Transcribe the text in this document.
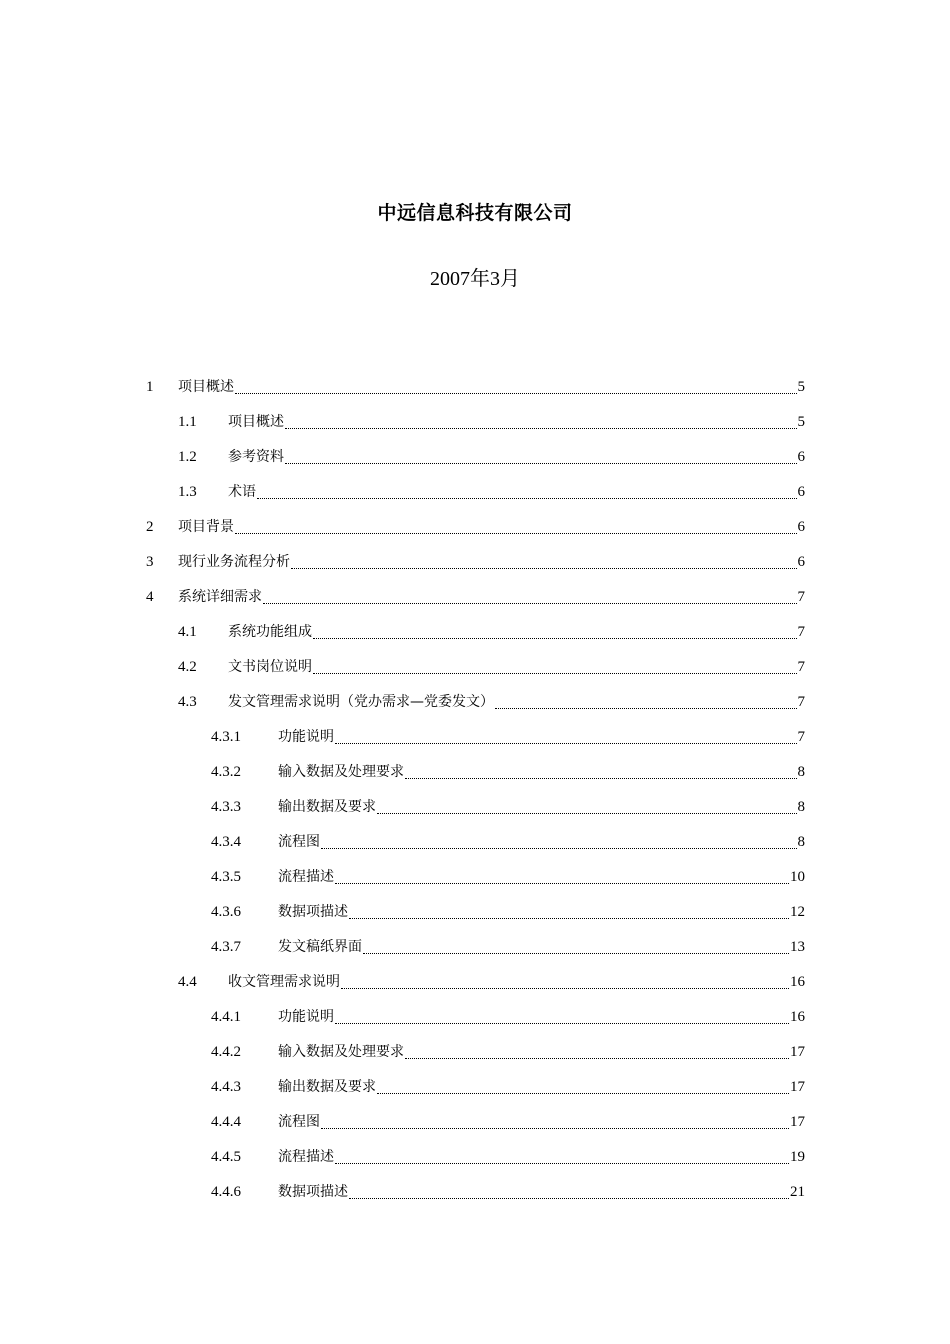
中远信息科技有限公司
2007年3月
1	项目概述	5
1.1	项目概述	5
1.2	参考资料	6
1.3	术语	6
2	项目背景	6
3	现行业务流程分析	6
4	系统详细需求	7
4.1	系统功能组成	7
4.2	文书岗位说明	7
4.3	发文管理需求说明（党办需求—党委发文）	7
4.3.1	功能说明	7
4.3.2	输入数据及处理要求	8
4.3.3	输出数据及要求	8
4.3.4	流程图	8
4.3.5	流程描述	10
4.3.6	数据项描述	12
4.3.7	发文稿纸界面	13
4.4	收文管理需求说明	16
4.4.1	功能说明	16
4.4.2	输入数据及处理要求	17
4.4.3	输出数据及要求	17
4.4.4	流程图	17
4.4.5	流程描述	19
4.4.6	数据项描述	21
